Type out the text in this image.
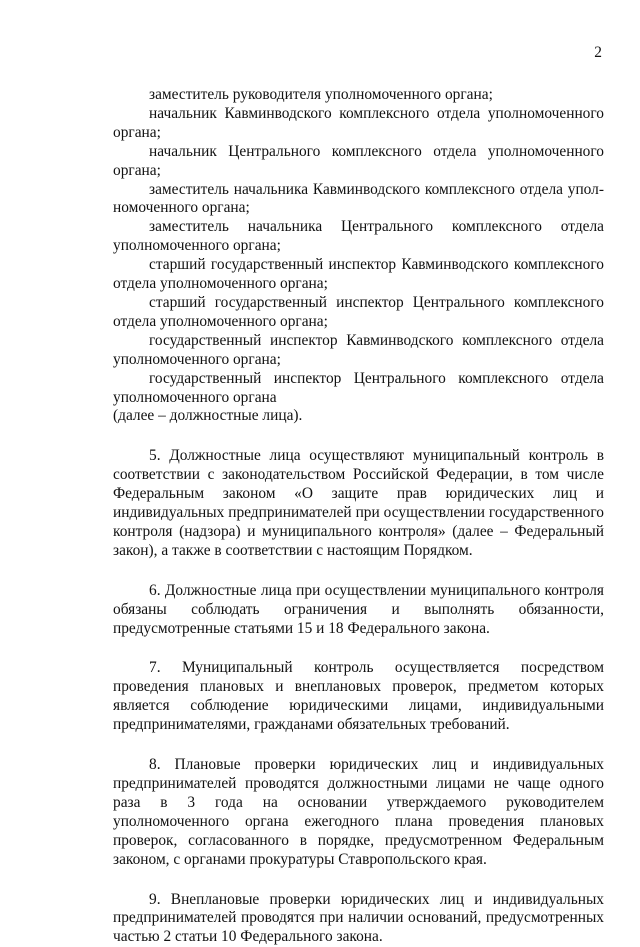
2

заместитель руководителя уполномоченного органа;

начальник Кавминводского комплексного отдела уполномоченного органа;

начальник Центрального комплексного отдела уполномоченного органа;

заместитель начальника Кавминводского комплексного отдела уполномоченного органа;

заместитель начальника Центрального комплексного отдела уполномоченного органа;

старший государственный инспектор Кавминводского комплексного отдела уполномоченного органа;

старший государственный инспектор Центрального комплексного отдела уполномоченного органа;

государственный инспектор Кавминводского комплексного отдела уполномоченного органа;

государственный инспектор Центрального комплексного отдела уполномоченного органа

(далее – должностные лица).

5. Должностные лица осуществляют муниципальный контроль в соответствии с законодательством Российской Федерации, в том числе Федеральным законом «О защите прав юридических лиц и индивидуальных предпринимателей при осуществлении государственного контроля (надзора) и муниципального контроля» (далее – Федеральный закон), а также в соответствии с настоящим Порядком.

6. Должностные лица при осуществлении муниципального контроля обязаны соблюдать ограничения и выполнять обязанности, предусмотренные статьями 15 и 18 Федерального закона.

7. Муниципальный контроль осуществляется посредством проведения плановых и внеплановых проверок, предметом которых является соблюдение юридическими лицами, индивидуальными предпринимателями, гражданами обязательных требований.

8. Плановые проверки юридических лиц и индивидуальных предпринимателей проводятся должностными лицами не чаще одного раза в 3 года на основании утверждаемого руководителем уполномоченного органа ежегодного плана проведения плановых проверок, согласованного в порядке, предусмотренном Федеральным законом, с органами прокуратуры Ставропольского края.

9. Внеплановые проверки юридических лиц и индивидуальных предпринимателей проводятся при наличии оснований, предусмотренных частью 2 статьи 10 Федерального закона.
